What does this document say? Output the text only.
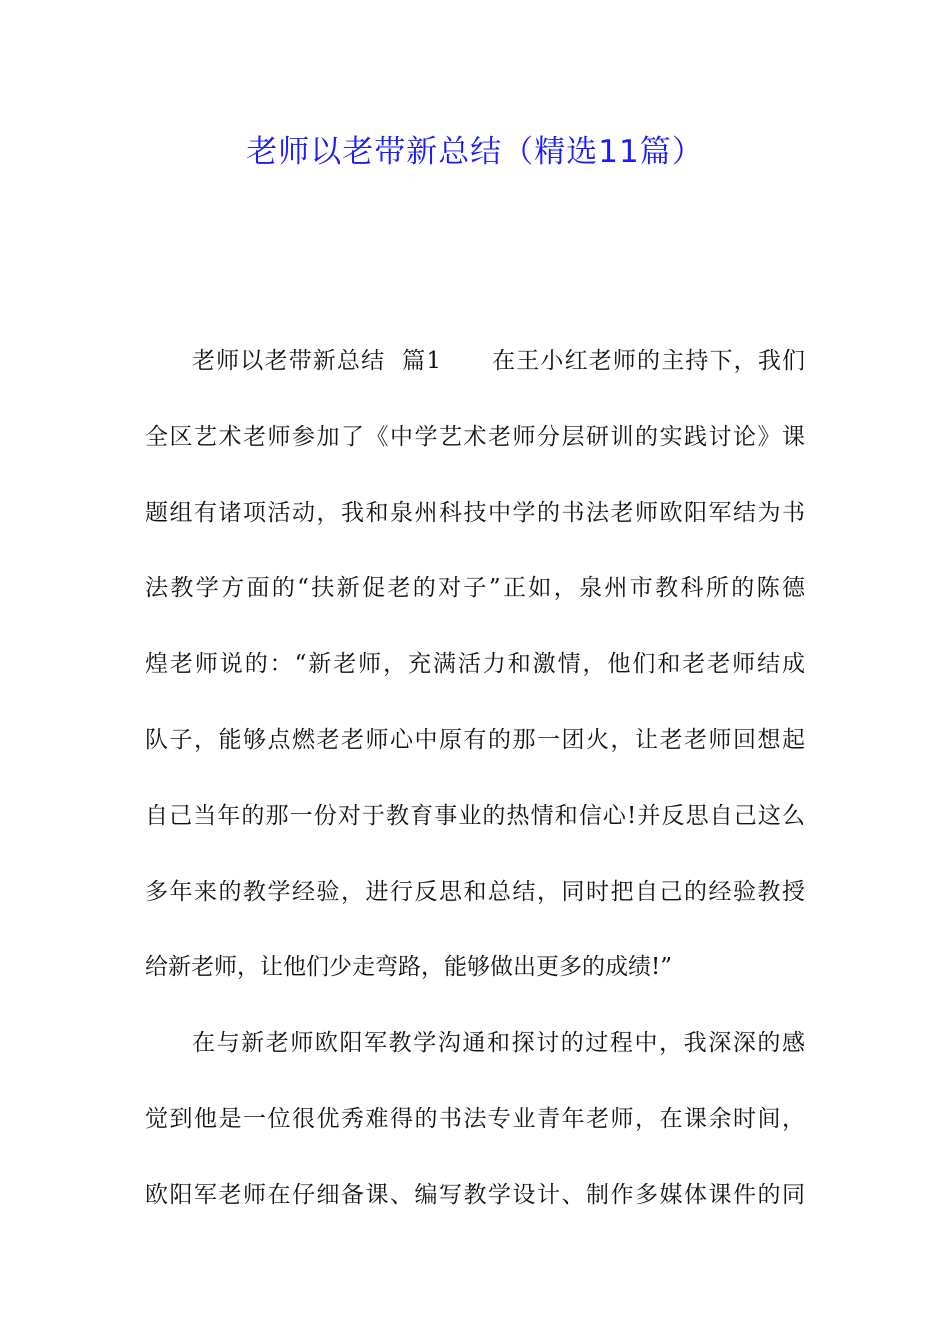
老师以老带新总结（精选11篇）
老师以老带新总结  篇1 在王小红老师的主持下，我们
全区艺术老师参加了《中学艺术老师分层研训的实践讨论》课
题组有诸项活动，我和泉州科技中学的书法老师欧阳军结为书
法教学方面的“扶新促老的对子”正如，泉州市教科所的陈德
煌老师说的：“新老师，充满活力和激情，他们和老老师结成
队子，能够点燃老老师心中原有的那一团火，让老老师回想起
自己当年的那一份对于教育事业的热情和信心!并反思自己这么
多年来的教学经验，进行反思和总结，同时把自己的经验教授
给新老师，让他们少走弯路，能够做出更多的成绩!”
在与新老师欧阳军教学沟通和探讨的过程中，我深深的感
觉到他是一位很优秀难得的书法专业青年老师，在课余时间，
欧阳军老师在仔细备课、编写教学设计、制作多媒体课件的同
